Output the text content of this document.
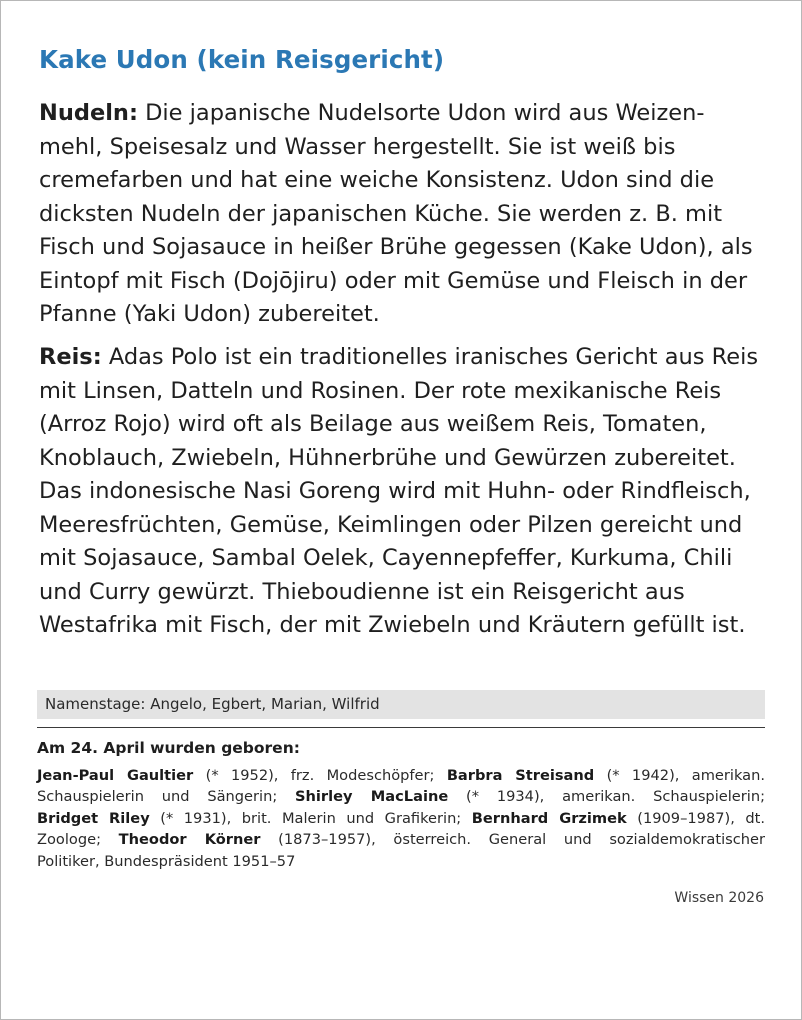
Kake Udon (kein Reisgericht)
Nudeln: Die japanische Nudelsorte Udon wird aus Weizen-
mehl, Speisesalz und Wasser hergestellt. Sie ist weiß bis
cremefarben und hat eine weiche Konsistenz. Udon sind die
dicksten Nudeln der japanischen Küche. Sie werden z. B. mit
Fisch und Sojasauce in heißer Brühe gegessen (Kake Udon), als
Eintopf mit Fisch (Dojōjiru) oder mit Gemüse und Fleisch in der
Pfanne (Yaki Udon) zubereitet.
Reis: Adas Polo ist ein traditionelles iranisches Gericht aus Reis
mit Linsen, Datteln und Rosinen. Der rote mexikanische Reis
(Arroz Rojo) wird oft als Beilage aus weißem Reis, Tomaten,
Knoblauch, Zwiebeln, Hühnerbrühe und Gewürzen zubereitet.
Das indonesische Nasi Goreng wird mit Huhn- oder Rindfleisch,
Meeresfrüchten, Gemüse, Keimlingen oder Pilzen gereicht und
mit Sojasauce, Sambal Oelek, Cayennepfeffer, Kurkuma, Chili
und Curry gewürzt. Thieboudienne ist ein Reisgericht aus
Westafrika mit Fisch, der mit Zwiebeln und Kräutern gefüllt ist.
Namenstage: Angelo, Egbert, Marian, Wilfrid
Am 24. April wurden geboren:
Jean-Paul Gaultier (* 1952), frz. Modeschöpfer; Barbra Streisand (* 1942), amerikan.
Schauspielerin und Sängerin; Shirley MacLaine (* 1934), amerikan. Schauspielerin;
Bridget Riley (* 1931), brit. Malerin und Grafikerin; Bernhard Grzimek (1909–1987), dt.
Zoologe; Theodor Körner (1873–1957), österreich. General und sozialdemokratischer
Politiker, Bundespräsident 1951–57
Wissen 2026
